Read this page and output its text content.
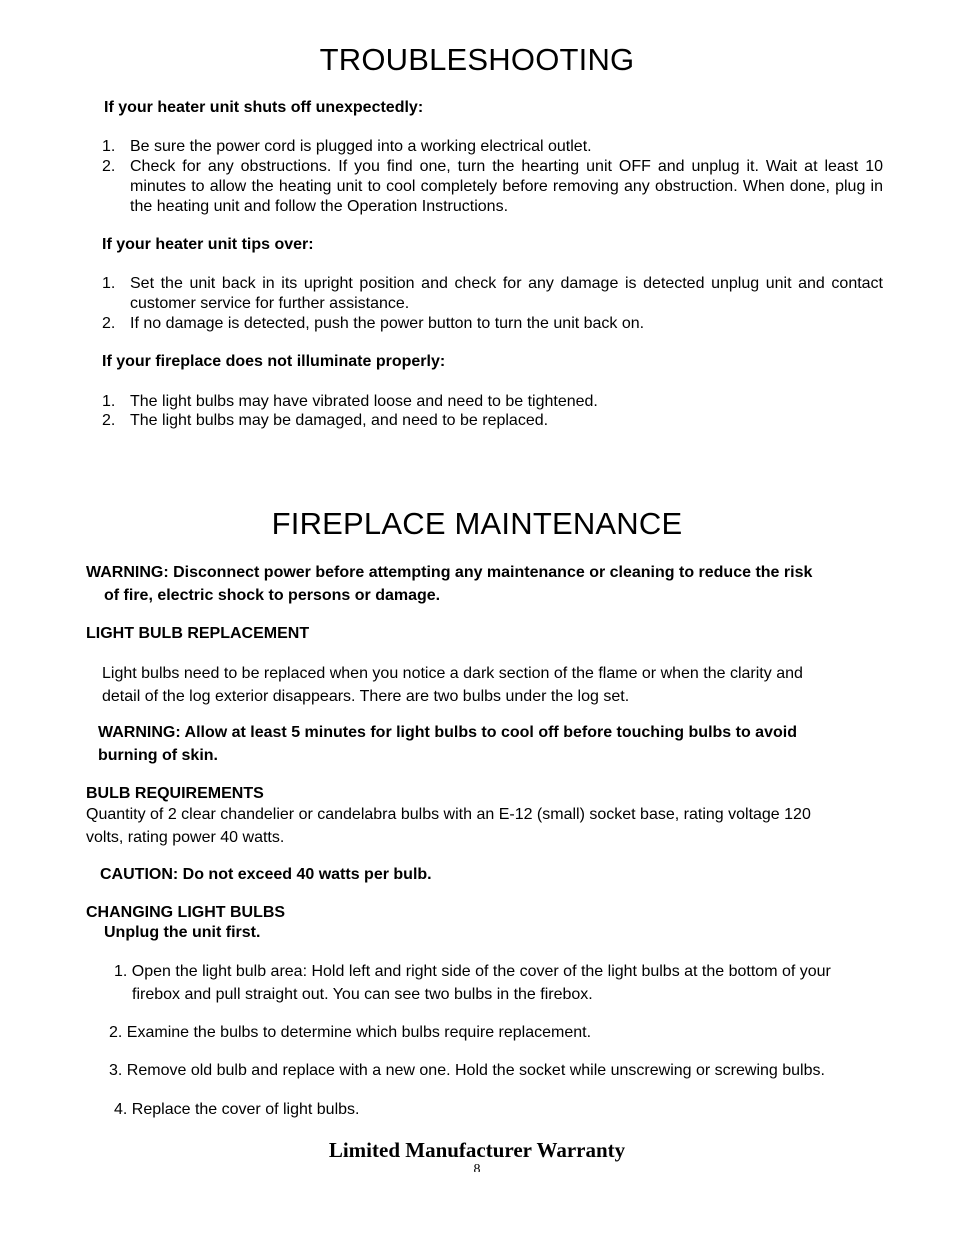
TROUBLESHOOTING
If your heater unit shuts off unexpectedly:
1. Be sure the power cord is plugged into a working electrical outlet.
2. Check for any obstructions. If you find one, turn the hearting unit OFF and unplug it. Wait at least 10 minutes to allow the heating unit to cool completely before removing any obstruction. When done, plug in the heating unit and follow the Operation Instructions.
If your heater unit tips over:
1. Set the unit back in its upright position and check for any damage is detected unplug unit and contact customer service for further assistance.
2. If no damage is detected, push the power button to turn the unit back on.
If your fireplace does not illuminate properly:
1. The light bulbs may have vibrated loose and need to be tightened.
2. The light bulbs may be damaged, and need to be replaced.
FIREPLACE MAINTENANCE
WARNING: Disconnect power before attempting any maintenance or cleaning to reduce the risk
of fire, electric shock to persons or damage.
LIGHT BULB REPLACEMENT
Light bulbs need to be replaced when you notice a dark section of the flame or when the clarity and
detail of the log exterior disappears. There are two bulbs under the log set.
WARNING: Allow at least 5 minutes for light bulbs to cool off before touching bulbs to avoid
burning of skin.
BULB REQUIREMENTS
Quantity of 2 clear chandelier or candelabra bulbs with an E-12 (small) socket base, rating voltage 120
volts, rating power 40 watts.
CAUTION: Do not exceed 40 watts per bulb.
CHANGING LIGHT BULBS
Unplug the unit first.
1. Open the light bulb area: Hold left and right side of the cover of the light bulbs at the bottom of your
firebox and pull straight out. You can see two bulbs in the firebox.
2. Examine the bulbs to determine which bulbs require replacement.
3. Remove old bulb and replace with a new one. Hold the socket while unscrewing or screwing bulbs.
4. Replace the cover of light bulbs.
Limited Manufacturer Warranty
8
